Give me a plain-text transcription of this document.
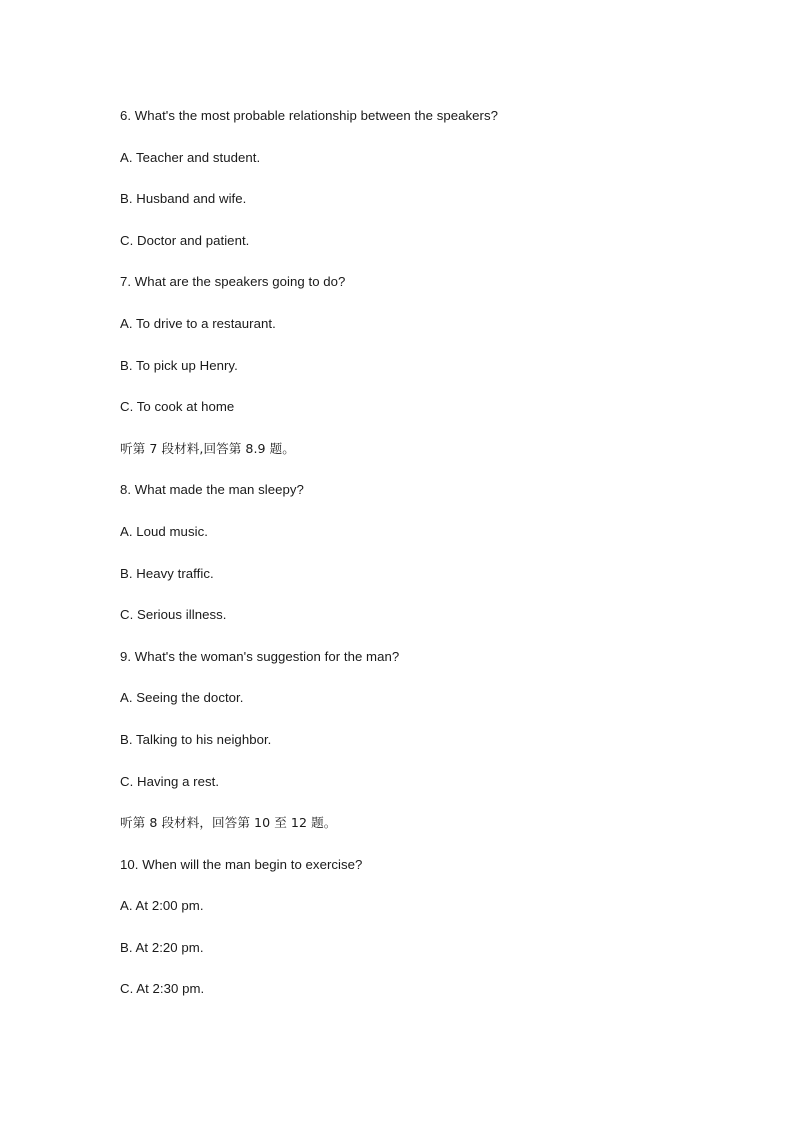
6. What's the most probable relationship between the speakers?
A. Teacher and student.
B. Husband and wife.
C. Doctor and patient.
7. What are the speakers going to do?
A. To drive to a restaurant.
B. To pick up Henry.
C. To cook at home
听第 7 段材料,回答第 8.9 题。
8. What made the man sleepy?
A. Loud music.
B. Heavy traffic.
C. Serious illness.
9. What's the woman's suggestion for the man?
A. Seeing the doctor.
B. Talking to his neighbor.
C. Having a rest.
听第 8 段材料，回答第 10 至 12 题。
10. When will the man begin to exercise?
A. At 2:00 pm.
B. At 2:20 pm.
C. At 2:30 pm.
